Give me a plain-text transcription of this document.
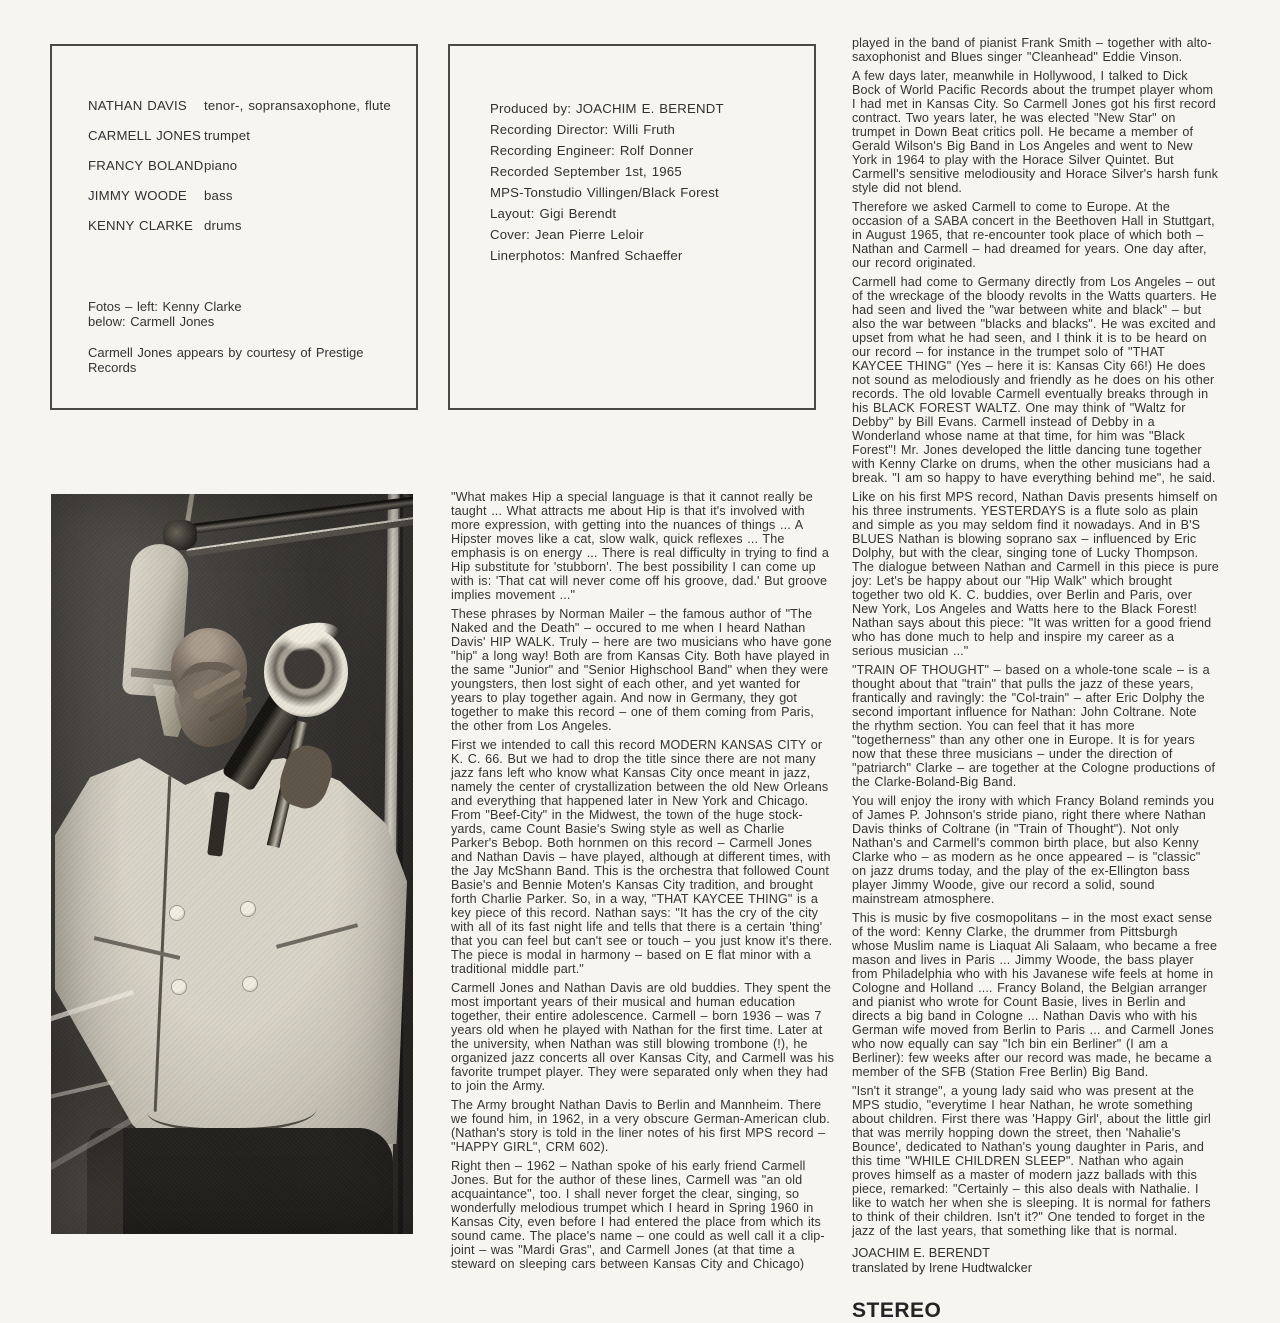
NATHAN DAVIS	tenor-, sopransaxophone, flute
CARMELL JONES trumpet
FRANCY BOLAND piano
JIMMY WOODE	bass
KENNY CLARKE drums
Fotos – left: Kenny Clarke
below: Carmell Jones
Carmell Jones appears by courtesy of Prestige Records
Produced by: JOACHIM E. BERENDT
Recording Director: Willi Fruth
Recording Engineer: Rolf Donner
Recorded September 1st, 1965
MPS-Tonstudio Villingen/Black Forest
Layout: Gigi Berendt
Cover: Jean Pierre Leloir
Linerphotos: Manfred Schaeffer

"What makes Hip a special language is that it cannot really be taught ... What attracts me about Hip is that it's involved with more expression, with getting into the nuances of things ... A Hipster moves like a cat, slow walk, quick reflexes ... The emphasis is on energy ... There is real difficulty in trying to find a Hip substitute for 'stubborn'. The best possibility I can come up with is: 'That cat will never come off his groove, dad.' But groove implies movement ..."

These phrases by Norman Mailer – the famous author of "The Naked and the Death" – occured to me when I heard Nathan Davis' HIP WALK. Truly – here are two musicians who have gone "hip" a long way! Both are from Kansas City. Both have played in the same "Junior" and "Senior Highschool Band" when they were youngsters, then lost sight of each other, and yet wanted for years to play together again. And now in Germany, they got together to make this record – one of them coming from Paris, the other from Los Angeles.

First we intended to call this record MODERN KANSAS CITY or K. C. 66. But we had to drop the title since there are not many jazz fans left who know what Kansas City once meant in jazz, namely the center of crystallization between the old New Orleans and everything that happened later in New York and Chicago. From "Beef-City" in the Midwest, the town of the huge stock-yards, came Count Basie's Swing style as well as Charlie Parker's Bebop. Both hornmen on this record – Carmell Jones and Nathan Davis – have played, although at different times, with the Jay McShann Band. This is the orchestra that followed Count Basie's and Bennie Moten's Kansas City tradition, and brought forth Charlie Parker. So, in a way, "THAT KAYCEE THING" is a key piece of this record. Nathan says: "It has the cry of the city with all of its fast night life and tells that there is a certain 'thing' that you can feel but can't see or touch – you just know it's there. The piece is modal in harmony – based on E flat minor with a traditional middle part."

Carmell Jones and Nathan Davis are old buddies. They spent the most important years of their musical and human education together, their entire adolescence. Carmell – born 1936 – was 7 years old when he played with Nathan for the first time. Later at the university, when Nathan was still blowing trombone (!), he organized jazz concerts all over Kansas City, and Carmell was his favorite trumpet player. They were separated only when they had to join the Army.

The Army brought Nathan Davis to Berlin and Mannheim. There we found him, in 1962, in a very obscure German-American club. (Nathan's story is told in the liner notes of his first MPS record – "HAPPY GIRL", CRM 602).

Right then – 1962 – Nathan spoke of his early friend Carmell Jones. But for the author of these lines, Carmell was "an old acquaintance", too. I shall never forget the clear, singing, so wonderfully melodious trumpet which I heard in Spring 1960 in Kansas City, even before I had entered the place from which its sound came. The place's name – one could as well call it a clip-joint – was "Mardi Gras", and Carmell Jones (at that time a steward on sleeping cars between Kansas City and Chicago)

played in the band of pianist Frank Smith – together with alto-saxophonist and Blues singer "Cleanhead" Eddie Vinson.

A few days later, meanwhile in Hollywood, I talked to Dick Bock of World Pacific Records about the trumpet player whom I had met in Kansas City. So Carmell Jones got his first record contract. Two years later, he was elected "New Star" on trumpet in Down Beat critics poll. He became a member of Gerald Wilson's Big Band in Los Angeles and went to New York in 1964 to play with the Horace Silver Quintet. But Carmell's sensitive melodiousity and Horace Silver's harsh funk style did not blend.

Therefore we asked Carmell to come to Europe. At the occasion of a SABA concert in the Beethoven Hall in Stuttgart, in August 1965, that re-encounter took place of which both – Nathan and Carmell – had dreamed for years. One day after, our record originated.

Carmell had come to Germany directly from Los Angeles – out of the wreckage of the bloody revolts in the Watts quarters. He had seen and lived the "war between white and black" – but also the war between "blacks and blacks". He was excited and upset from what he had seen, and I think it is to be heard on our record – for instance in the trumpet solo of "THAT KAYCEE THING" (Yes – here it is: Kansas City 66!) He does not sound as melodiously and friendly as he does on his other records. The old lovable Carmell eventually breaks through in his BLACK FOREST WALTZ. One may think of "Waltz for Debby" by Bill Evans. Carmell instead of Debby in a Wonderland whose name at that time, for him was "Black Forest"! Mr. Jones developed the little dancing tune together with Kenny Clarke on drums, when the other musicians had a break. "I am so happy to have everything behind me", he said.

Like on his first MPS record, Nathan Davis presents himself on his three instruments. YESTERDAYS is a flute solo as plain and simple as you may seldom find it nowadays. And in B'S BLUES Nathan is blowing soprano sax – influenced by Eric Dolphy, but with the clear, singing tone of Lucky Thompson. The dialogue between Nathan and Carmell in this piece is pure joy: Let's be happy about our "Hip Walk" which brought together two old K. C. buddies, over Berlin and Paris, over New York, Los Angeles and Watts here to the Black Forest! Nathan says about this piece: "It was written for a good friend who has done much to help and inspire my career as a serious musician ..."

"TRAIN OF THOUGHT" – based on a whole-tone scale – is a thought about that "train" that pulls the jazz of these years, frantically and ravingly: the "Col-train" – after Eric Dolphy the second important influence for Nathan: John Coltrane. Note the rhythm section. You can feel that it has more "togetherness" than any other one in Europe. It is for years now that these three musicians – under the direction of "patriarch" Clarke – are together at the Cologne productions of the Clarke-Boland-Big Band.

You will enjoy the irony with which Francy Boland reminds you of James P. Johnson's stride piano, right there where Nathan Davis thinks of Coltrane (in "Train of Thought"). Not only Nathan's and Carmell's common birth place, but also Kenny Clarke who – as modern as he once appeared – is "classic" on jazz drums today, and the play of the ex-Ellington bass player Jimmy Woode, give our record a solid, sound mainstream atmosphere.

This is music by five cosmopolitans – in the most exact sense of the word: Kenny Clarke, the drummer from Pittsburgh whose Muslim name is Liaquat Ali Salaam, who became a free mason and lives in Paris ... Jimmy Woode, the bass player from Philadelphia who with his Javanese wife feels at home in Cologne and Holland .... Francy Boland, the Belgian arranger and pianist who wrote for Count Basie, lives in Berlin and directs a big band in Cologne ... Nathan Davis who with his German wife moved from Berlin to Paris ... and Carmell Jones who now equally can say "Ich bin ein Berliner" (I am a Berliner): few weeks after our record was made, he became a member of the SFB (Station Free Berlin) Big Band.

"Isn't it strange", a young lady said who was present at the MPS studio, "everytime I hear Nathan, he wrote something about children. First there was 'Happy Girl', about the little girl that was merrily hopping down the street, then 'Nahalie's Bounce', dedicated to Nathan's young daughter in Paris, and this time "WHILE CHILDREN SLEEP". Nathan who again proves himself as a master of modern jazz ballads with this piece, remarked: "Certainly – this also deals with Nathalie. I like to watch her when she is sleeping. It is normal for fathers to think of their children. Isn't it?" One tended to forget in the jazz of the last years, that something like that is normal.

JOACHIM E. BERENDT
translated by Irene Hudtwalcker
STEREO
